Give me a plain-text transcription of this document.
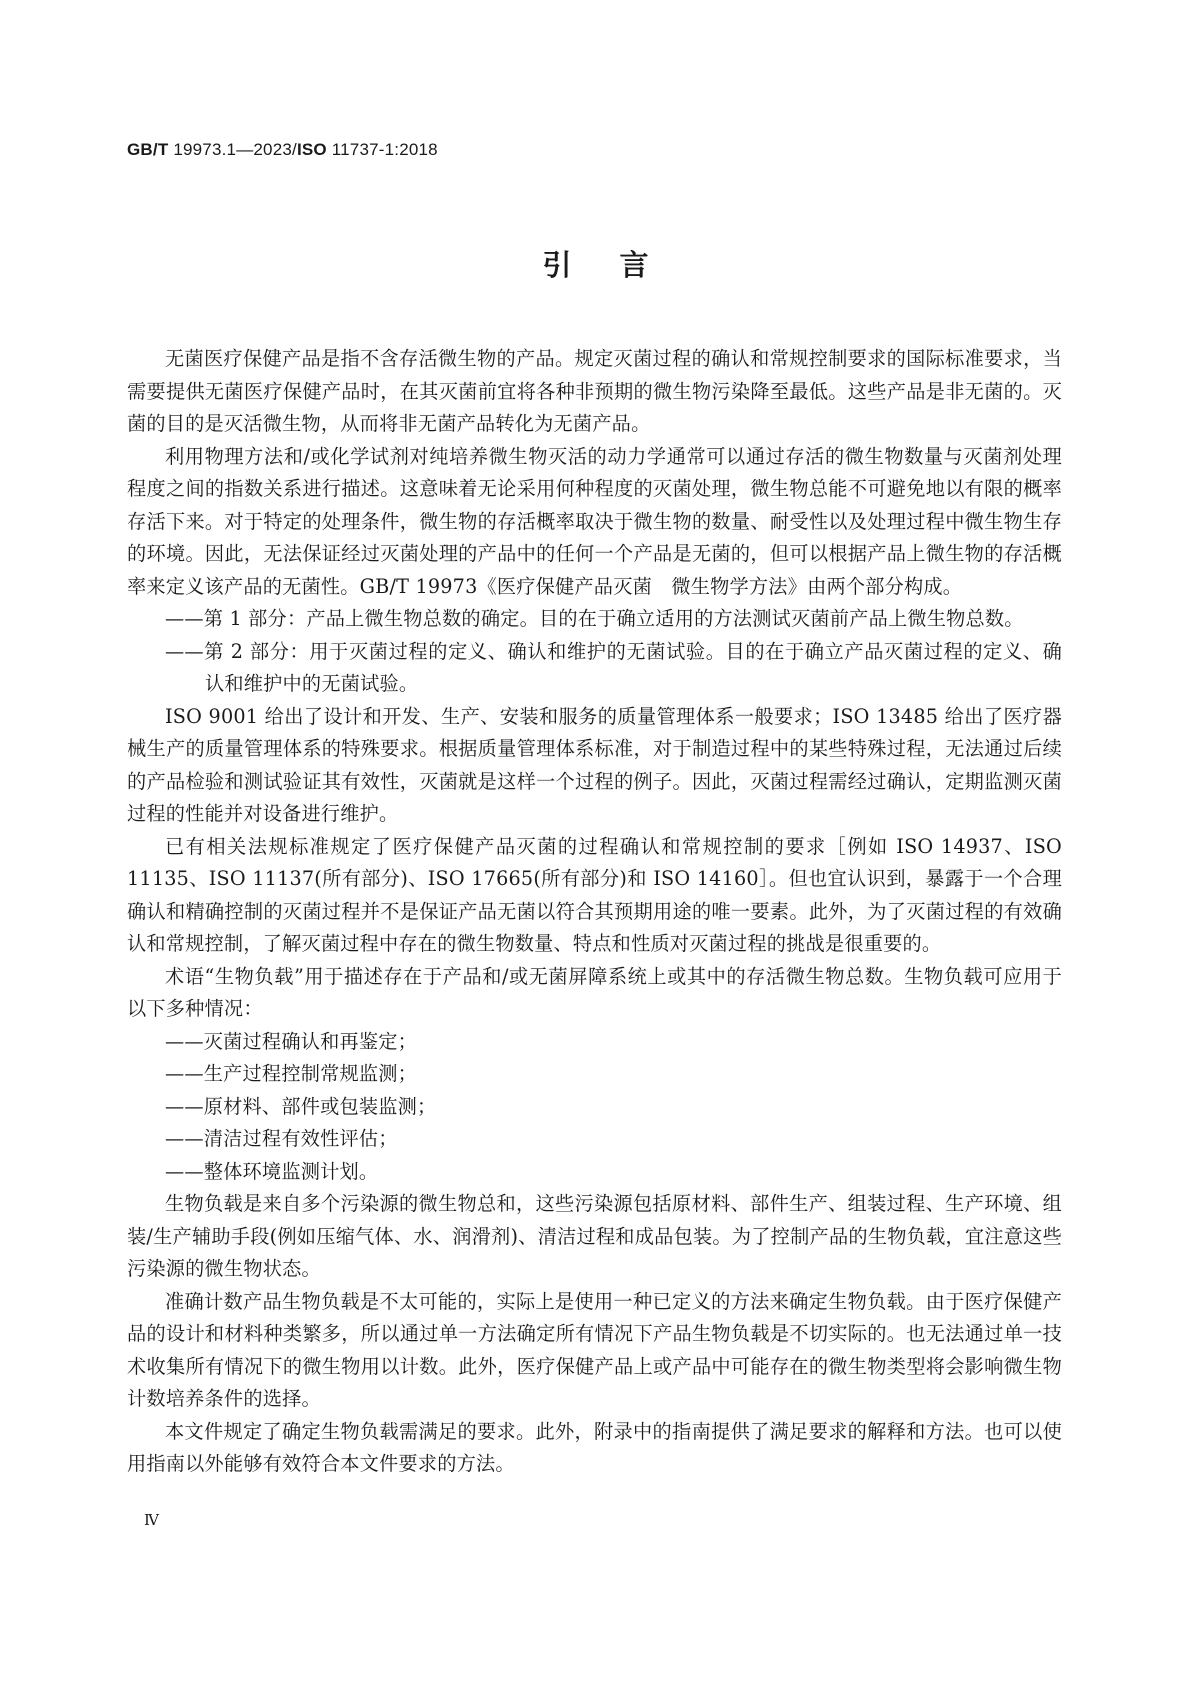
GB/T 19973.1—2023/ISO 11737-1:2018
引言

无菌医疗保健产品是指不含存活微生物的产品。规定灭菌过程的确认和常规控制要求的国际标准要求，当需要提供无菌医疗保健产品时，在其灭菌前宜将各种非预期的微生物污染降至最低。这些产品是非无菌的。灭菌的目的是灭活微生物，从而将非无菌产品转化为无菌产品。

利用物理方法和/或化学试剂对纯培养微生物灭活的动力学通常可以通过存活的微生物数量与灭菌剂处理程度之间的指数关系进行描述。这意味着无论采用何种程度的灭菌处理，微生物总能不可避免地以有限的概率存活下来。对于特定的处理条件，微生物的存活概率取决于微生物的数量、耐受性以及处理过程中微生物生存的环境。因此，无法保证经过灭菌处理的产品中的任何一个产品是无菌的，但可以根据产品上微生物的存活概率来定义该产品的无菌性。GB/T 19973《医疗保健产品灭菌　微生物学方法》由两个部分构成。

——第 1 部分：产品上微生物总数的确定。目的在于确立适用的方法测试灭菌前产品上微生物总数。

——第 2 部分：用于灭菌过程的定义、确认和维护的无菌试验。目的在于确立产品灭菌过程的定义、确认和维护中的无菌试验。

ISO 9001 给出了设计和开发、生产、安装和服务的质量管理体系一般要求；ISO 13485 给出了医疗器械生产的质量管理体系的特殊要求。根据质量管理体系标准，对于制造过程中的某些特殊过程，无法通过后续的产品检验和测试验证其有效性，灭菌就是这样一个过程的例子。因此，灭菌过程需经过确认，定期监测灭菌过程的性能并对设备进行维护。

已有相关法规标准规定了医疗保健产品灭菌的过程确认和常规控制的要求［例如 ISO 14937、ISO 11135、ISO 11137(所有部分)、ISO 17665(所有部分)和 ISO 14160］。但也宜认识到，暴露于一个合理确认和精确控制的灭菌过程并不是保证产品无菌以符合其预期用途的唯一要素。此外，为了灭菌过程的有效确认和常规控制，了解灭菌过程中存在的微生物数量、特点和性质对灭菌过程的挑战是很重要的。

术语“生物负载”用于描述存在于产品和/或无菌屏障系统上或其中的存活微生物总数。生物负载可应用于以下多种情况：

——灭菌过程确认和再鉴定；

——生产过程控制常规监测；

——原材料、部件或包装监测；

——清洁过程有效性评估；

——整体环境监测计划。

生物负载是来自多个污染源的微生物总和，这些污染源包括原材料、部件生产、组装过程、生产环境、组装/生产辅助手段(例如压缩气体、水、润滑剂)、清洁过程和成品包装。为了控制产品的生物负载，宜注意这些污染源的微生物状态。

准确计数产品生物负载是不太可能的，实际上是使用一种已定义的方法来确定生物负载。由于医疗保健产品的设计和材料种类繁多，所以通过单一方法确定所有情况下产品生物负载是不切实际的。也无法通过单一技术收集所有情况下的微生物用以计数。此外，医疗保健产品上或产品中可能存在的微生物类型将会影响微生物计数培养条件的选择。

本文件规定了确定生物负载需满足的要求。此外，附录中的指南提供了满足要求的解释和方法。也可以使用指南以外能够有效符合本文件要求的方法。

Ⅳ
